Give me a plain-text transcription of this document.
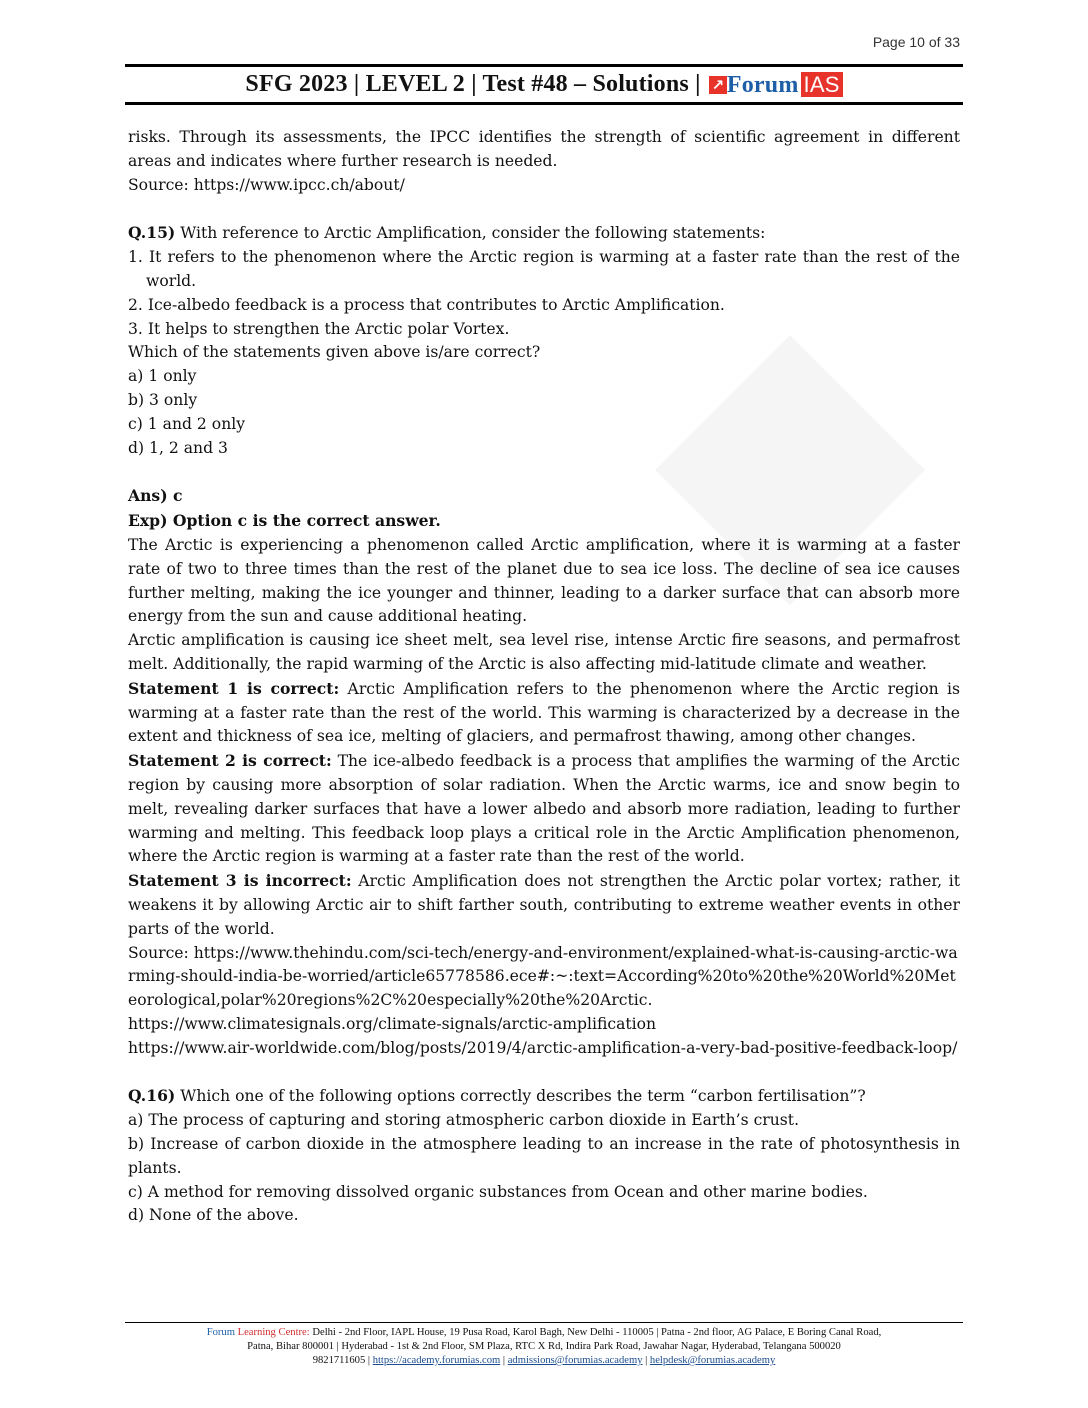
Page 10 of 33
SFG 2023 | LEVEL 2 | Test #48 – Solutions | ↗ Forum IAS

risks. Through its assessments, the IPCC identifies the strength of scientific agreement in different areas and indicates where further research is needed.

Source: https://www.ipcc.ch/about/

Q.15) With reference to Arctic Amplification, consider the following statements:

1. It refers to the phenomenon where the Arctic region is warming at a faster rate than the rest of the world.

2. Ice-albedo feedback is a process that contributes to Arctic Amplification.

3. It helps to strengthen the Arctic polar Vortex.

Which of the statements given above is/are correct?

a) 1 only

b) 3 only

c) 1 and 2 only

d) 1, 2 and 3

Ans) c

Exp) Option c is the correct answer.

The Arctic is experiencing a phenomenon called Arctic amplification, where it is warming at a faster rate of two to three times than the rest of the planet due to sea ice loss. The decline of sea ice causes further melting, making the ice younger and thinner, leading to a darker surface that can absorb more energy from the sun and cause additional heating.

Arctic amplification is causing ice sheet melt, sea level rise, intense Arctic fire seasons, and permafrost melt. Additionally, the rapid warming of the Arctic is also affecting mid-latitude climate and weather.

Statement 1 is correct: Arctic Amplification refers to the phenomenon where the Arctic region is warming at a faster rate than the rest of the world. This warming is characterized by a decrease in the extent and thickness of sea ice, melting of glaciers, and permafrost thawing, among other changes.

Statement 2 is correct: The ice-albedo feedback is a process that amplifies the warming of the Arctic region by causing more absorption of solar radiation. When the Arctic warms, ice and snow begin to melt, revealing darker surfaces that have a lower albedo and absorb more radiation, leading to further warming and melting. This feedback loop plays a critical role in the Arctic Amplification phenomenon, where the Arctic region is warming at a faster rate than the rest of the world.

Statement 3 is incorrect: Arctic Amplification does not strengthen the Arctic polar vortex; rather, it weakens it by allowing Arctic air to shift farther south, contributing to extreme weather events in other parts of the world.

Source: https://www.thehindu.com/sci-tech/energy-and-environment/explained-what-is-causing-arctic-warming-should-india-be-worried/article65778586.ece#:~:text=According%20to%20the%20World%20Meteorological,polar%20regions%2C%20especially%20the%20Arctic.

https://www.climatesignals.org/climate-signals/arctic-amplification

https://www.air-worldwide.com/blog/posts/2019/4/arctic-amplification-a-very-bad-positive-feedback-loop/

Q.16) Which one of the following options correctly describes the term “carbon fertilisation”?

a) The process of capturing and storing atmospheric carbon dioxide in Earth’s crust.

b) Increase of carbon dioxide in the atmosphere leading to an increase in the rate of photosynthesis in plants.

c) A method for removing dissolved organic substances from Ocean and other marine bodies.

d) None of the above.

Forum Learning Centre: Delhi - 2nd Floor, IAPL House, 19 Pusa Road, Karol Bagh, New Delhi - 110005 | Patna - 2nd floor, AG Palace, E Boring Canal Road,
Patna, Bihar 800001 | Hyderabad - 1st & 2nd Floor, SM Plaza, RTC X Rd, Indira Park Road, Jawahar Nagar, Hyderabad, Telangana 500020
9821711605 | https://academy.forumias.com | admissions@forumias.academy | helpdesk@forumias.academy
